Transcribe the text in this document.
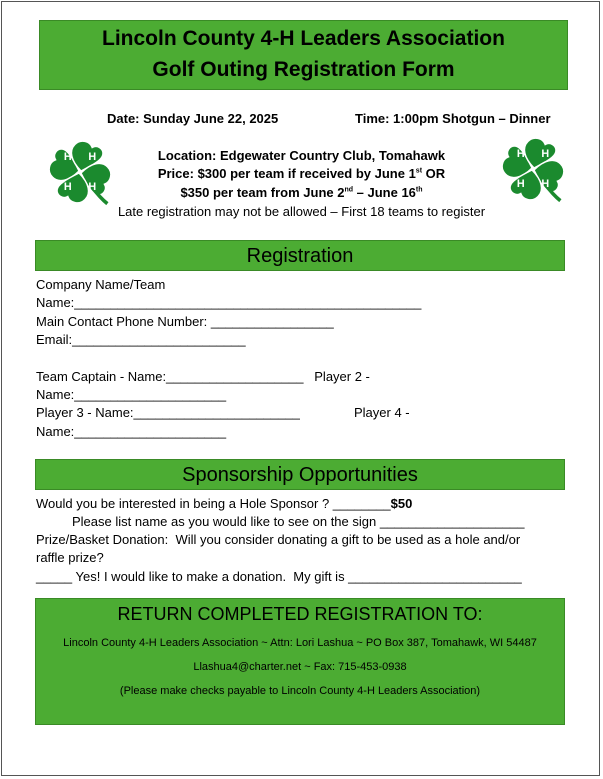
Lincoln County 4-H Leaders Association
Golf Outing Registration Form
Date: Sunday June 22, 2025	Time: 1:00pm Shotgun – Dinner
H H
H H
H H
H H
Location: Edgewater Country Club, Tomahawk
Price: $300 per team if received by June 1st OR
$350 per team from June 2nd – June 16th
Late registration may not be allowed – First 18 teams to register
Registration
Company Name/Team
Name:________________________________________________
Main Contact Phone Number: _________________
Email:________________________
Team Captain - Name:___________________   Player 2 -
Name:_____________________
Player 3 - Name:_______________________	Player 4 -
Name:_____________________
Sponsorship Opportunities
Would you be interested in being a Hole Sponsor ? ________$50
Please list name as you would like to see on the sign ____________________
Prize/Basket Donation:  Will you consider donating a gift to be used as a hole and/or
raffle prize?
_____ Yes! I would like to make a donation.  My gift is ________________________
RETURN COMPLETED REGISTRATION TO:
Lincoln County 4-H Leaders Association ~ Attn: Lori Lashua ~ PO Box 387, Tomahawk, WI 54487
Llashua4@charter.net ~ Fax: 715-453-0938
(Please make checks payable to Lincoln County 4-H Leaders Association)
